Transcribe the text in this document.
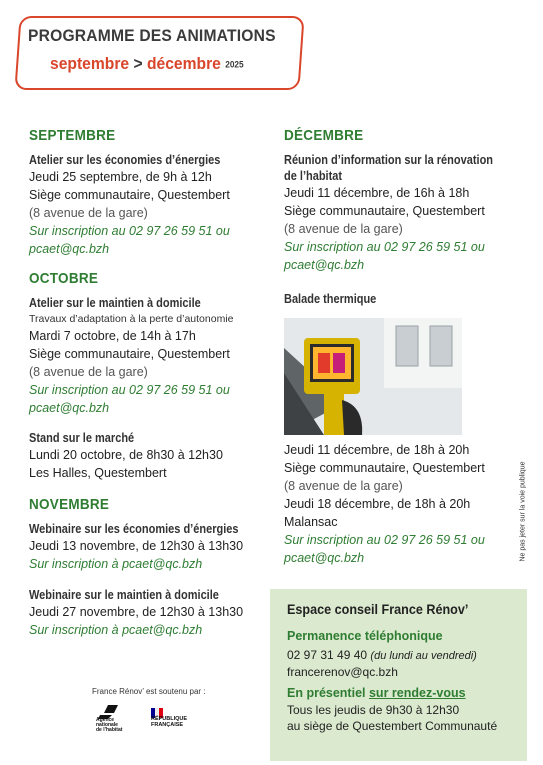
PROGRAMME DES ANIMATIONS
septembre > décembre 2025
SEPTEMBRE
Atelier sur les économies d’énergies
Jeudi 25 septembre, de 9h à 12h
Siège communautaire, Questembert
(8 avenue de la gare)
Sur inscription au 02 97 26 59 51 ou
pcaet@qc.bzh
OCTOBRE
Atelier sur le maintien à domicile
Travaux d’adaptation à la perte d’autonomie
Mardi 7 octobre, de 14h à 17h
Siège communautaire, Questembert
(8 avenue de la gare)
Sur inscription au 02 97 26 59 51 ou
pcaet@qc.bzh
Stand sur le marché
Lundi 20 octobre, de 8h30 à 12h30
Les Halles, Questembert
NOVEMBRE
Webinaire sur les économies d’énergies
Jeudi 13 novembre, de 12h30 à 13h30
Sur inscription à pcaet@qc.bzh
Webinaire sur le maintien à domicile
Jeudi 27 novembre, de 12h30 à 13h30
Sur inscription à pcaet@qc.bzh
DÉCEMBRE
Réunion d’information sur la rénovation
de l’habitat
Jeudi 11 décembre, de 16h à 18h
Siège communautaire, Questembert
(8 avenue de la gare)
Sur inscription au 02 97 26 59 51 ou
pcaet@qc.bzh
Balade thermique
Jeudi 11 décembre, de 18h à 20h
Siège communautaire, Questembert
(8 avenue de la gare)
Jeudi 18 décembre, de 18h à 20h
Malansac
Sur inscription au 02 97 26 59 51 ou
pcaet@qc.bzh	Ne pas jeter sur la voie publique
Espace conseil France Rénov’
Permanence téléphonique
02 97 31 49 40 (du lundi au vendredi)
francerenov@qc.bzh
En présentiel sur rendez-vous
Tous les jeudis de 9h30 à 12h30
au siège de Questembert Communauté
France Rénov’ est soutenu par :
Agence
nationale
de l’habitat
RÉPUBLIQUE
FRANÇAISE
